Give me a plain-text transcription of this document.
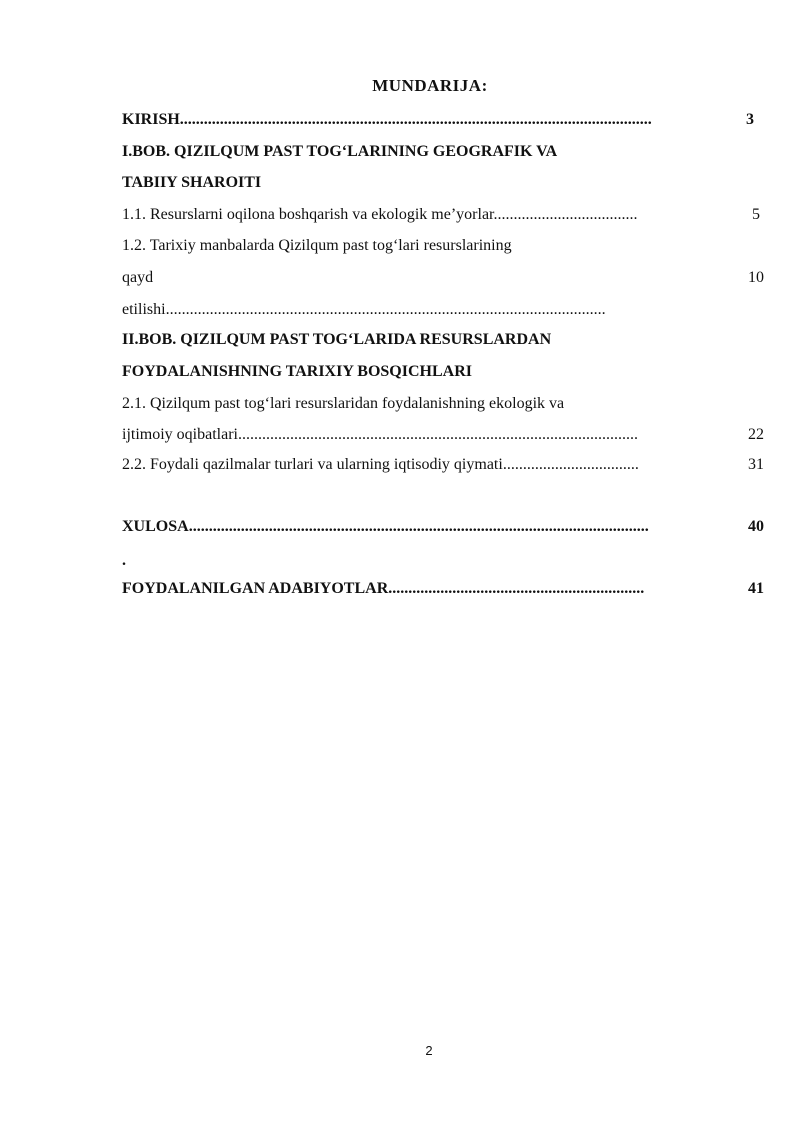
MUNDARIJA:
KIRISH......................................................................................................................	3
I.BOB. QIZILQUM PAST TOG‘LARINING GEOGRAFIK VA
TABIIY SHAROITI
1.1. Resurslarni oqilona boshqarish va ekologik me’yorlar....................................	5
1.2. Tarixiy manbalarda Qizilqum past tog‘lari resurslarining
qayd	10
etilishi..............................................................................................................
II.BOB. QIZILQUM PAST TOG‘LARIDA RESURSLARDAN
FOYDALANISHNING TARIXIY BOSQICHLARI
2.1. Qizilqum past tog‘lari resurslaridan foydalanishning ekologik va
ijtimoiy oqibatlari....................................................................................................	22
2.2. Foydali qazilmalar turlari va ularning iqtisodiy qiymati..................................	31
XULOSA...................................................................................................................	40
.
FOYDALANILGAN ADABIYOTLAR................................................................	41
2
